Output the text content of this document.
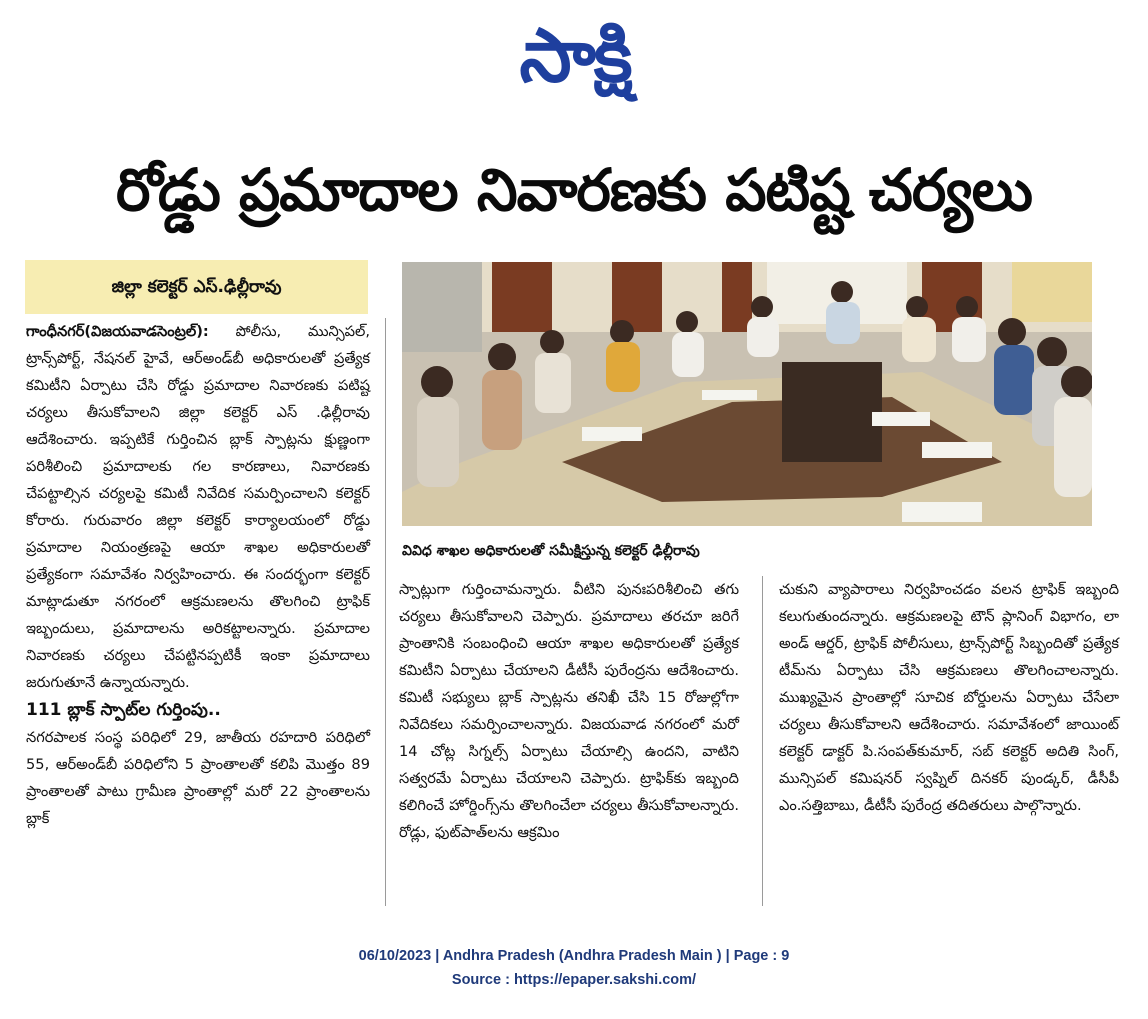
సాక్షి
రోడ్డు ప్రమాదాల నివారణకు పటిష్ట చర్యలు
జిల్లా కలెక్టర్ ఎస్.ఢిల్లీరావు
వివిధ శాఖల అధికారులతో సమీక్షిస్తున్న కలెక్టర్ ఢిల్లీరావు

గాంధీనగర్(విజయవాడసెంట్రల్): పోలీసు, మున్సిపల్, ట్రాన్స్‌పోర్ట్, నేషనల్ హైవే, ఆర్‌అండ్‌బీ అధికారులతో ప్రత్యేక కమిటీని ఏర్పాటు చేసి రోడ్డు ప్రమాదాల నివారణకు పటిష్ట చర్యలు తీసుకోవాలని జిల్లా కలెక్టర్ ఎస్ .ఢిల్లీరావు ఆదేశించారు. ఇప్పటికే గుర్తించిన బ్లాక్ స్పాట్లను క్షుణ్ణంగా పరిశీలించి ప్రమాదాలకు గల కారణాలు, నివారణకు చేపట్టాల్సిన చర్యలపై కమిటీ నివేదిక సమర్పించాలని కలెక్టర్ కోరారు. గురువారం జిల్లా కలెక్టర్ కార్యాలయంలో రోడ్డు ప్రమాదాల నియంత్రణపై ఆయా శాఖల అధికారులతో ప్రత్యేకంగా సమావేశం నిర్వహించారు. ఈ సందర్భంగా కలెక్టర్ మాట్లాడుతూ నగరంలో ఆక్రమణలను తొలగించి ట్రాఫిక్ ఇబ్బందులు, ప్రమాదాలను అరికట్టాలన్నారు. ప్రమాదాల నివారణకు చర్యలు చేపట్టినప్పటికీ ఇంకా ప్రమాదాలు జరుగుతూనే ఉన్నాయన్నారు.

111 బ్లాక్ స్పాట్‌ల గుర్తింపు..

నగరపాలక సంస్థ పరిధిలో 29, జాతీయ రహదారి పరిధిలో 55, ఆర్‌అండ్‌బీ పరిధిలోని 5 ప్రాంతాలతో కలిపి మొత్తం 89 ప్రాంతాలతో పాటు గ్రామీణ ప్రాంతాల్లో మరో 22 ప్రాంతాలను బ్లాక్

స్పాట్లుగా గుర్తించామన్నారు. వీటిని పునఃపరిశీలించి తగు చర్యలు తీసుకోవాలని చెప్పారు. ప్రమాదాలు తరచూ జరిగే ప్రాంతానికి సంబంధించి ఆయా శాఖల అధికారులతో ప్రత్యేక కమిటీని ఏర్పాటు చేయాలని డీటీసీ పురేంద్రను ఆదేశించారు. కమిటీ సభ్యులు బ్లాక్ స్పాట్లను తనిఖీ చేసి 15 రోజుల్లోగా నివేదికలు సమర్పించాలన్నారు. విజయవాడ నగరంలో మరో 14 చోట్ల సిగ్నల్స్ ఏర్పాటు చేయాల్సి ఉందని, వాటిని సత్వరమే ఏర్పాటు చేయాలని చెప్పారు. ట్రాఫిక్‌కు ఇబ్బంది కలిగించే హోర్డింగ్స్‌ను తొలగించేలా చర్యలు తీసుకోవాలన్నారు. రోడ్లు, ఫుట్‌పాత్‌లను ఆక్రమిం

చుకుని వ్యాపారాలు నిర్వహించడం వలన ట్రాఫిక్ ఇబ్బంది కలుగుతుందన్నారు. ఆక్రమణలపై టౌన్ ప్లానింగ్ విభాగం, లా అండ్ ఆర్డర్, ట్రాఫిక్ పోలీసులు, ట్రాన్స్‌పోర్ట్ సిబ్బందితో ప్రత్యేక టీమ్‌ను ఏర్పాటు చేసి ఆక్రమణలు తొలగించాలన్నారు. ముఖ్యమైన ప్రాంతాల్లో సూచిక బోర్డులను ఏర్పాటు చేసేలా చర్యలు తీసుకోవాలని ఆదేశించారు. సమావేశంలో జాయింట్ కలెక్టర్ డాక్టర్ పి.సంపత్‌కుమార్, సబ్ కలెక్టర్ అదితి సింగ్, మున్సిపల్ కమిషనర్ స్వప్నిల్ దినకర్ పుండ్కర్, డీసీపీ ఎం.సత్తిబాబు, డీటీసీ పురేంద్ర తదితరులు పాల్గొన్నారు.

06/10/2023 | Andhra Pradesh (Andhra Pradesh Main ) | Page : 9
Source : https://epaper.sakshi.com/
